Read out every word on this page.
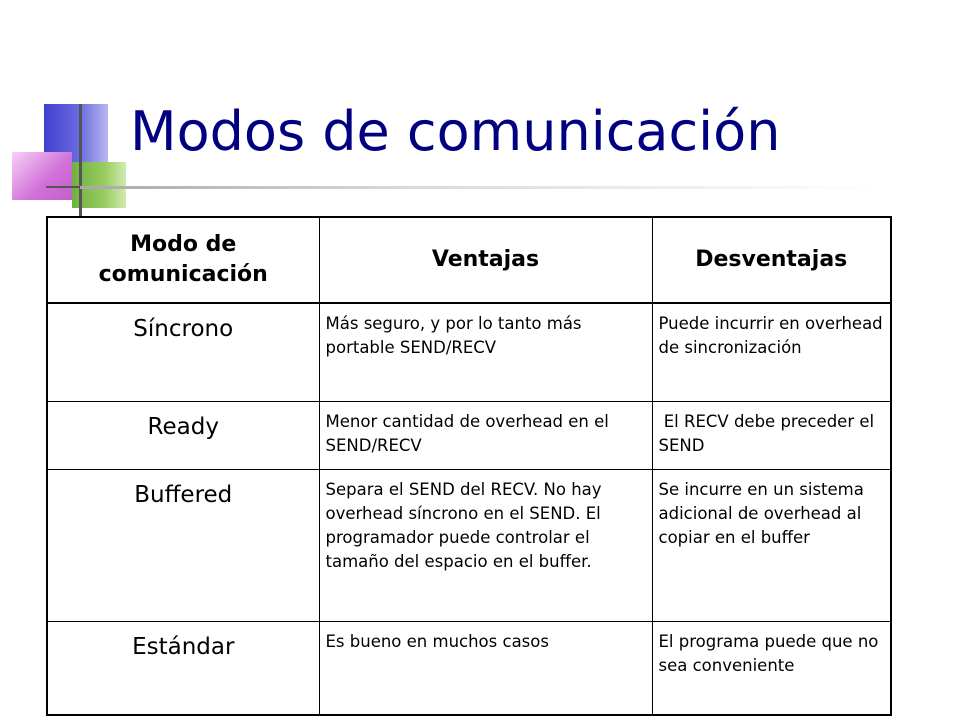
Modos de comunicación
Modo de comunicación	Ventajas	Desventajas
Síncrono	Más seguro, y por lo tanto más portable SEND/RECV	Puede incurrir en overhead de sincronización
Ready	Menor cantidad de overhead en el SEND/RECV	El RECV debe preceder el SEND
Buffered	Separa el SEND del RECV. No hay overhead síncrono en el SEND. El programador puede controlar el tamaño del espacio en el buffer.	Se incurre en un sistema adicional de overhead al copiar en el buffer
Estándar	Es bueno en muchos casos	El programa puede que no sea conveniente
